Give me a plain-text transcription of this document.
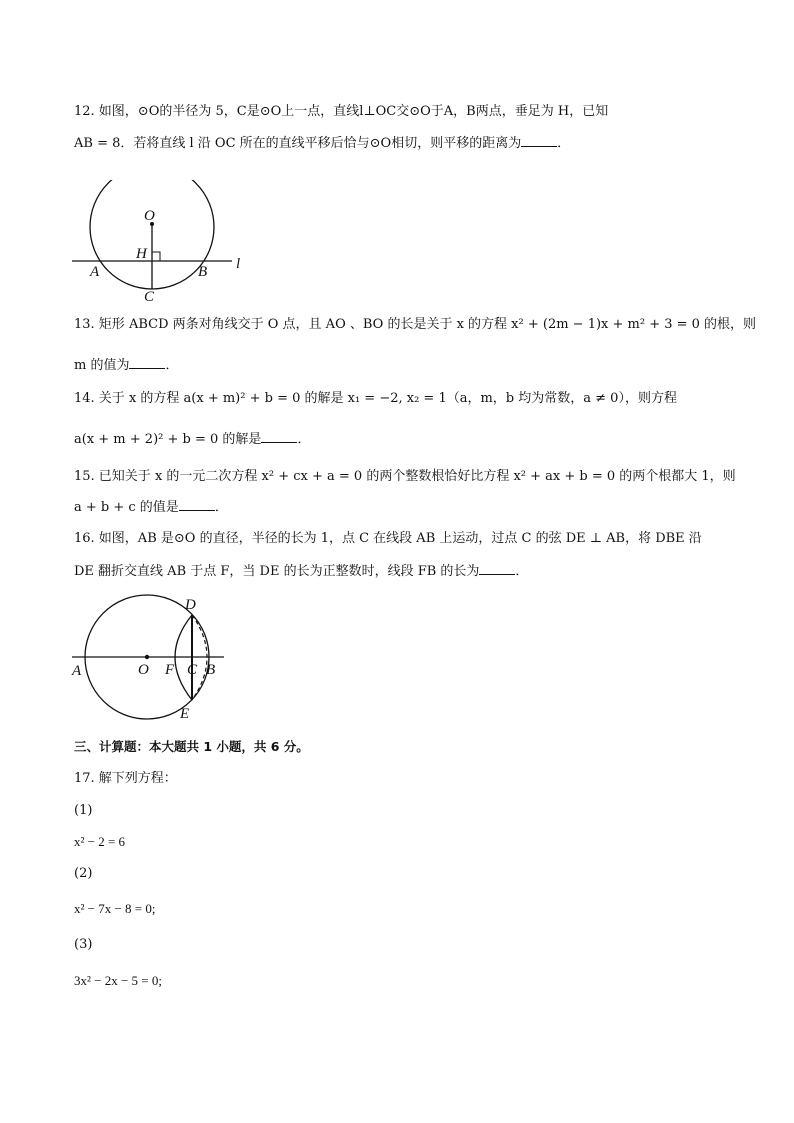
12. 如图，⊙O的半径为 5，C是⊙O上一点，直线l⊥OC交⊙O于A，B两点，垂足为 H，已知
AB = 8．若将直线 l 沿 OC 所在的直线平移后恰与⊙O相切，则平移的距离为	．
O
H
A	B
C
l
13. 矩形 ABCD 两条对角线交于 O 点，且 AO 、BO 的长是关于 x 的方程 x² + (2m − 1)x + m² + 3 = 0 的根，则
m 的值为	．
14. 关于 x 的方程 a(x + m)² + b = 0 的解是 x₁ = −2, x₂ = 1（a，m，b 均为常数，a ≠ 0），则方程
a(x + m + 2)² + b = 0 的解是	．
15. 已知关于 x 的一元二次方程 x² + cx + a = 0 的两个整数根恰好比方程 x² + ax + b = 0 的两个根都大 1，则
a + b + c 的值是	．
16. 如图，AB 是⊙O 的直径，半径的长为 1，点 C 在线段 AB 上运动，过点 C 的弦 DE ⊥ AB，将 DBE 沿
DE 翻折交直线 AB 于点 F，当 DE 的长为正整数时，线段 FB 的长为	．
D
A	O F C B
E
三、计算题：本大题共 1 小题，共 6 分。
17. 解下列方程：
(1)
x² − 2 = 6
(2)
x² − 7x − 8 = 0;
(3)
3x² − 2x − 5 = 0;
